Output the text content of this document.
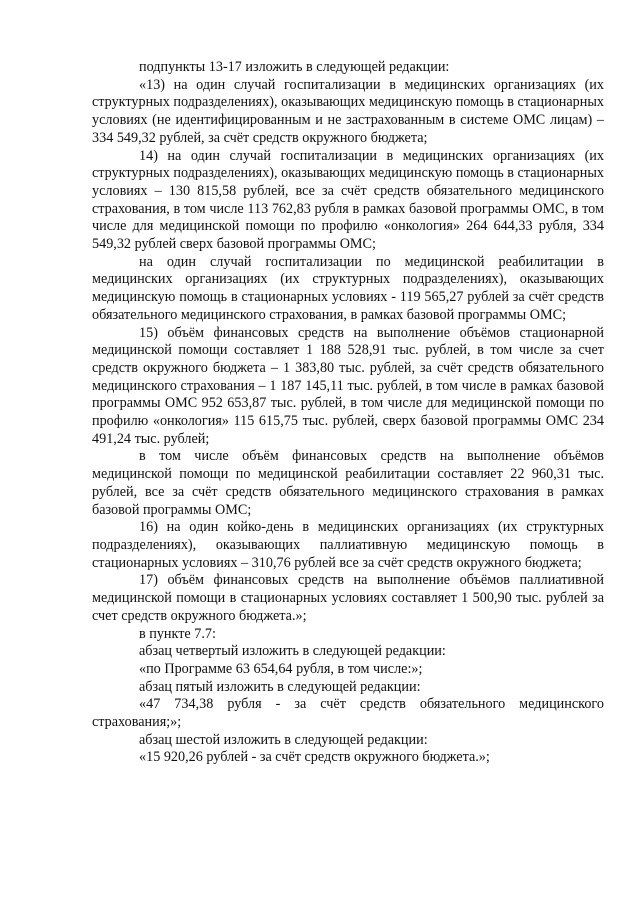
подпункты 13-17 изложить в следующей редакции:

«13) на один случай госпитализации в медицинских организациях (их структурных подразделениях), оказывающих медицинскую помощь в стационарных условиях (не идентифицированным и не застрахованным в системе ОМС лицам) – 334 549,32 рублей, за счёт средств окружного бюджета;

14) на один случай госпитализации в медицинских организациях (их структурных подразделениях), оказывающих медицинскую помощь в стационарных условиях – 130 815,58 рублей, все за счёт средств обязательного медицинского страхования, в том числе 113 762,83 рубля в рамках базовой программы ОМС, в том числе для медицинской помощи по профилю «онкология» 264 644,33 рубля, 334 549,32 рублей сверх базовой программы ОМС;

на один случай госпитализации по медицинской реабилитации в медицинских организациях (их структурных подразделениях), оказывающих медицинскую помощь в стационарных условиях - 119 565,27 рублей за счёт средств обязательного медицинского страхования, в рамках базовой программы ОМС;

15) объём финансовых средств на выполнение объёмов стационарной медицинской помощи составляет 1 188 528,91 тыс. рублей, в том числе за счет средств окружного бюджета – 1 383,80 тыс. рублей, за счёт средств обязательного медицинского страхования – 1 187 145,11 тыс. рублей, в том числе в рамках базовой программы ОМС 952 653,87 тыс. рублей, в том числе для медицинской помощи по профилю «онкология» 115 615,75 тыс. рублей, сверх базовой программы ОМС 234 491,24 тыс. рублей;

в том числе объём финансовых средств на выполнение объёмов медицинской помощи по медицинской реабилитации составляет 22 960,31 тыс. рублей, все за счёт средств обязательного медицинского страхования в рамках базовой программы ОМС;

16) на один койко-день в медицинских организациях (их структурных подразделениях), оказывающих паллиативную медицинскую помощь в стационарных условиях – 310,76 рублей все за счёт средств окружного бюджета;

17) объём финансовых средств на выполнение объёмов паллиативной медицинской помощи в стационарных условиях составляет 1 500,90 тыс. рублей за счет средств окружного бюджета.»;

в пункте 7.7:

абзац четвертый изложить в следующей редакции:

«по Программе 63 654,64 рубля, в том числе:»;

абзац пятый изложить в следующей редакции:

«47 734,38 рубля - за счёт средств обязательного медицинского страхования;»;

абзац шестой изложить в следующей редакции:

«15 920,26 рублей - за счёт средств окружного бюджета.»;
